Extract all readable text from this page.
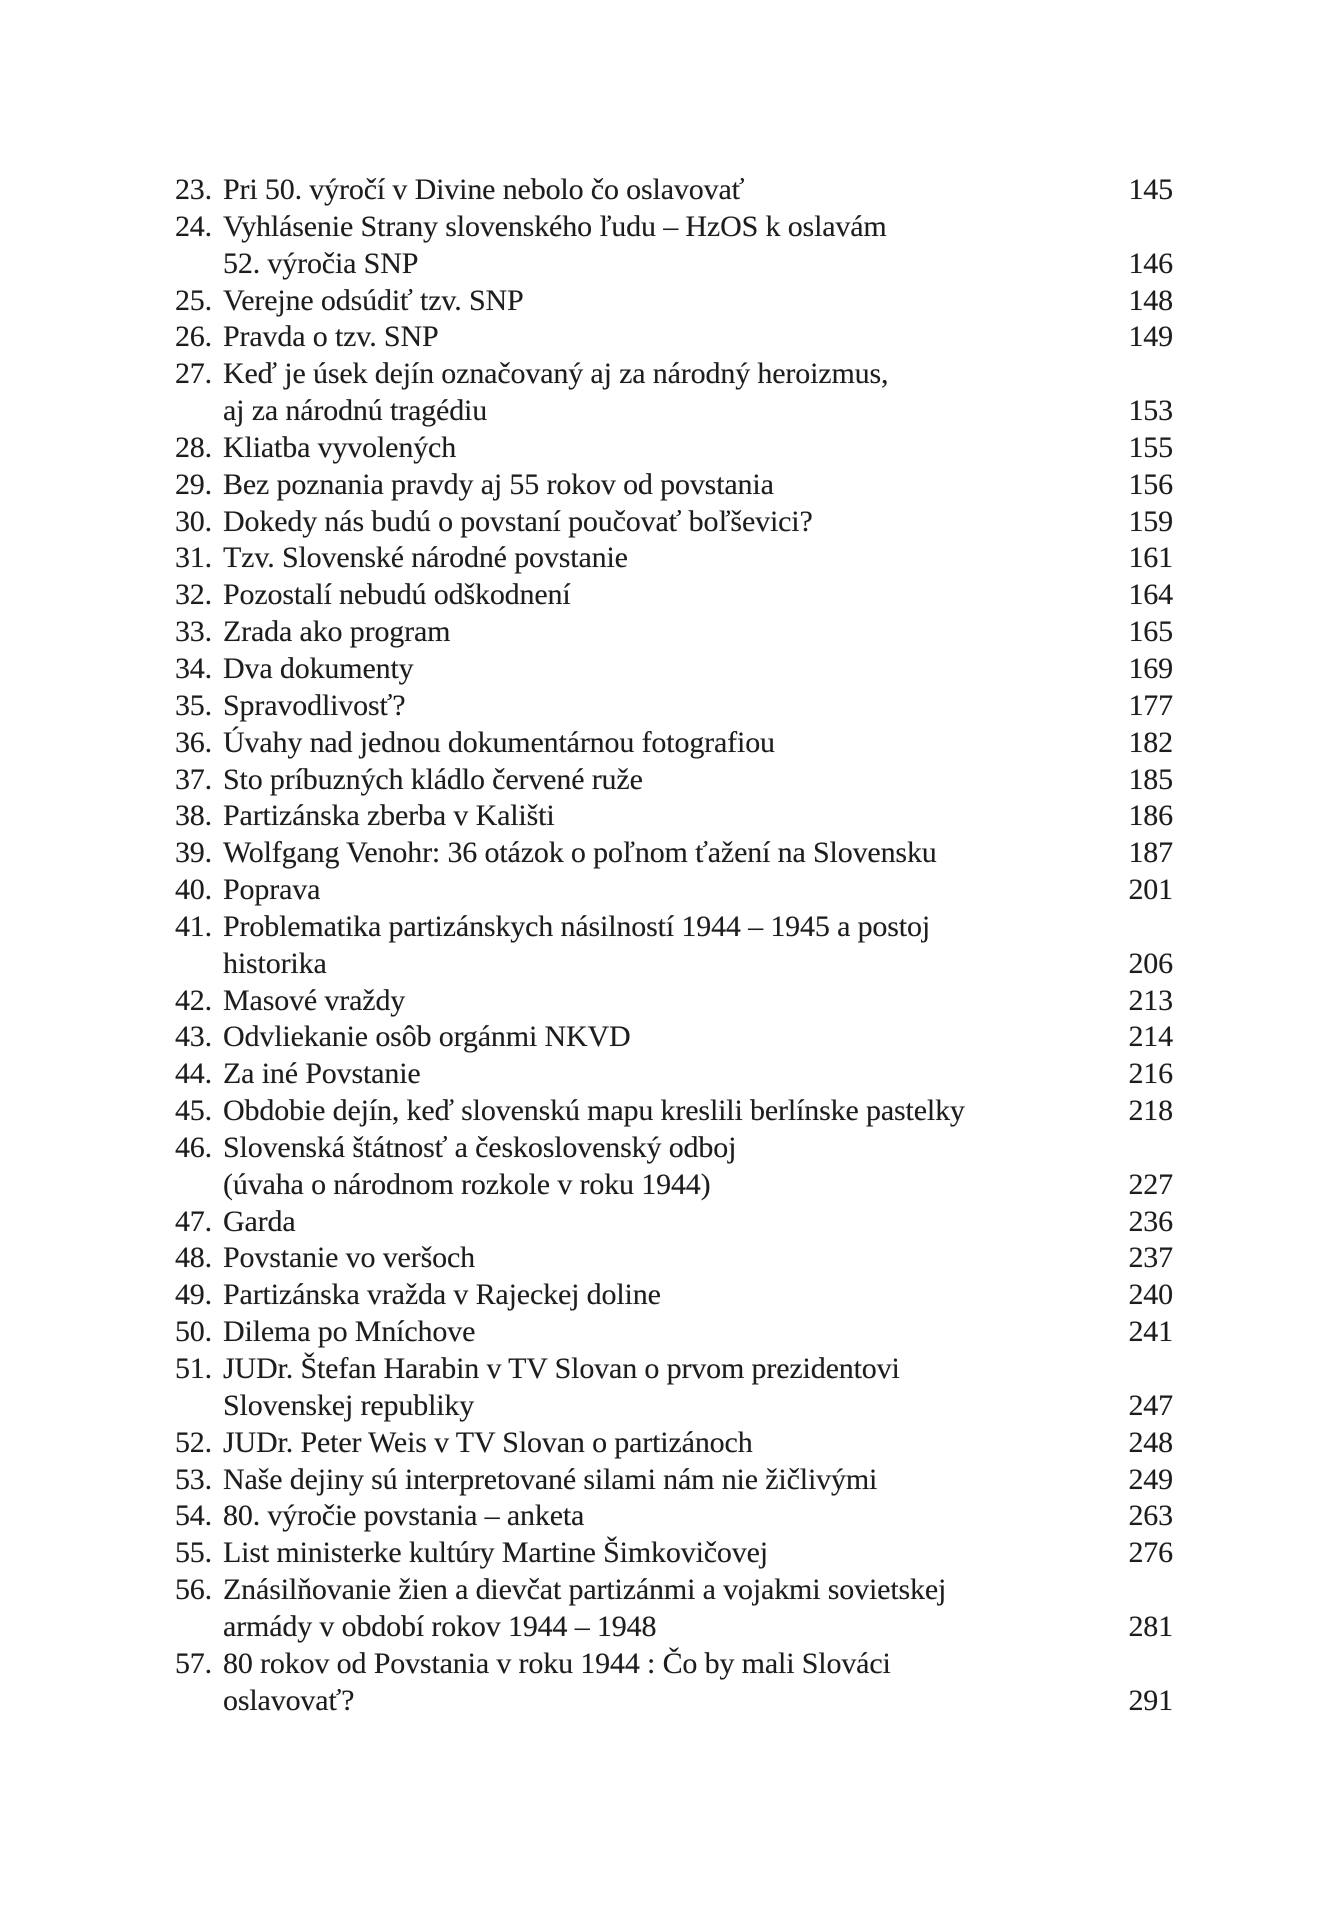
23. Pri 50. výročí v Divine nebolo čo oslavovať	145
24. Vyhlásenie Strany slovenského ľudu – HzOS k oslavám
52. výročia SNP	146
25. Verejne odsúdiť tzv. SNP	148
26. Pravda o tzv. SNP	149
27. Keď je úsek dejín označovaný aj za národný heroizmus,
aj za národnú tragédiu	153
28. Kliatba vyvolených	155
29. Bez poznania pravdy aj 55 rokov od povstania	156
30. Dokedy nás budú o povstaní poučovať boľševici?	159
31. Tzv. Slovenské národné povstanie	161
32. Pozostalí nebudú odškodnení	164
33. Zrada ako program	165
34. Dva dokumenty	169
35. Spravodlivosť?	177
36. Úvahy nad jednou dokumentárnou fotografiou	182
37. Sto príbuzných kládlo červené ruže	185
38. Partizánska zberba v Kališti	186
39. Wolfgang Venohr: 36 otázok o poľnom ťažení na Slovensku	187
40. Poprava	201
41. Problematika partizánskych násilností 1944 – 1945 a postoj
historika	206
42. Masové vraždy	213
43. Odvliekanie osôb orgánmi NKVD	214
44. Za iné Povstanie	216
45. Obdobie dejín, keď slovenskú mapu kreslili berlínske pastelky	218
46. Slovenská štátnosť a československý odboj
(úvaha o národnom rozkole v roku 1944)	227
47. Garda	236
48. Povstanie vo veršoch	237
49. Partizánska vražda v Rajeckej doline	240
50. Dilema po Mníchove	241
51. JUDr. Štefan Harabin v TV Slovan o prvom prezidentovi
Slovenskej republiky	247
52. JUDr. Peter Weis v TV Slovan o partizánoch	248
53. Naše dejiny sú interpretované silami nám nie žičlivými	249
54. 80. výročie povstania – anketa	263
55. List ministerke kultúry Martine Šimkovičovej	276
56. Znásilňovanie žien a dievčat partizánmi a vojakmi sovietskej
armády v období rokov 1944 – 1948	281
57. 80 rokov od Povstania v roku 1944 : Čo by mali Slováci
oslavovať?	291
